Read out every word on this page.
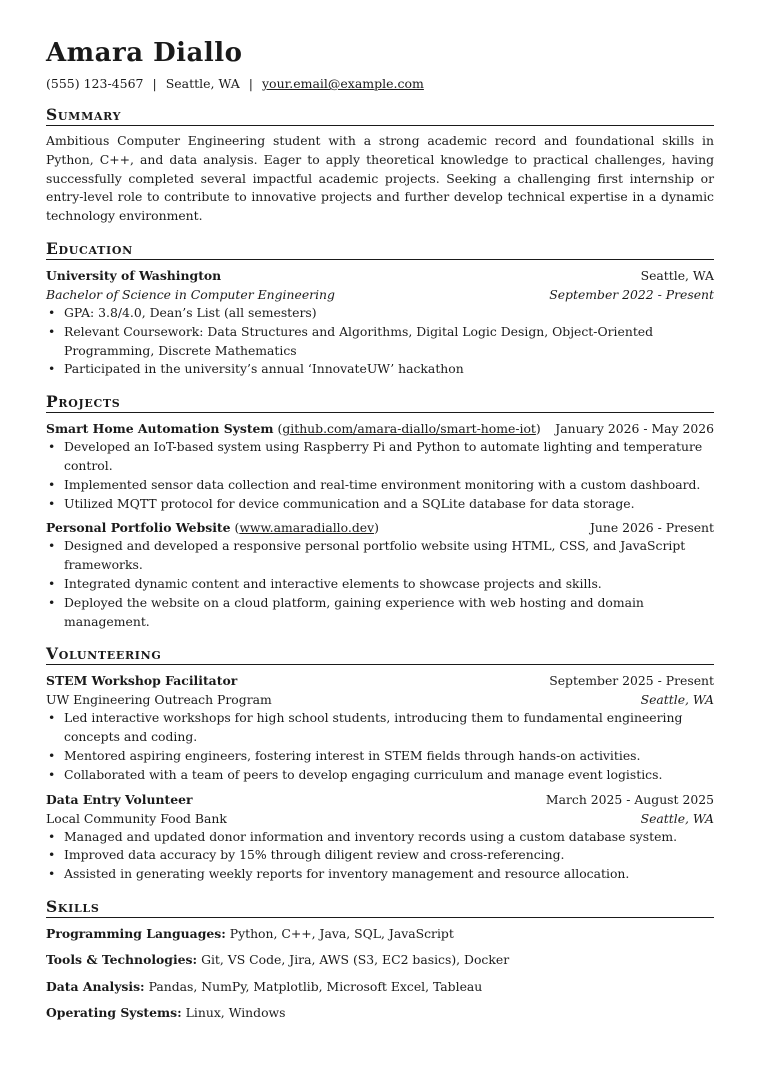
Amara Diallo
(555) 123-4567 | Seattle, WA | your.email@example.com
Summary

Ambitious Computer Engineering student with a strong academic record and foundational skills in Python, C++, and data analysis. Eager to apply theoretical knowledge to practical challenges, having successfully completed several impactful academic projects. Seeking a challenging first internship or entry-level role to contribute to innovative projects and further develop technical expertise in a dynamic technology environment.

Education
University of Washington	Seattle, WA
Bachelor of Science in Computer Engineering	September 2022 - Present
• GPA: 3.8/4.0, Dean’s List (all semesters)
• Relevant Coursework: Data Structures and Algorithms, Digital Logic Design, Object-Oriented Programming, Discrete Mathematics
• Participated in the university’s annual ‘InnovateUW’ hackathon
Projects
Smart Home Automation System (github.com/amara-diallo/smart-home-iot) January 2026 - May 2026
• Developed an IoT-based system using Raspberry Pi and Python to automate lighting and temperature control.
• Implemented sensor data collection and real-time environment monitoring with a custom dashboard.
• Utilized MQTT protocol for device communication and a SQLite database for data storage.
Personal Portfolio Website (www.amaradiallo.dev)	June 2026 - Present
• Designed and developed a responsive personal portfolio website using HTML, CSS, and JavaScript frameworks.
• Integrated dynamic content and interactive elements to showcase projects and skills.
• Deployed the website on a cloud platform, gaining experience with web hosting and domain management.
Volunteering
STEM Workshop Facilitator	September 2025 - Present
UW Engineering Outreach Program	Seattle, WA
• Led interactive workshops for high school students, introducing them to fundamental engineering concepts and coding.
• Mentored aspiring engineers, fostering interest in STEM fields through hands-on activities.
• Collaborated with a team of peers to develop engaging curriculum and manage event logistics.
Data Entry Volunteer	March 2025 - August 2025
Local Community Food Bank	Seattle, WA
• Managed and updated donor information and inventory records using a custom database system.
• Improved data accuracy by 15% through diligent review and cross-referencing.
• Assisted in generating weekly reports for inventory management and resource allocation.
Skills
Programming Languages: Python, C++, Java, SQL, JavaScript
Tools & Technologies: Git, VS Code, Jira, AWS (S3, EC2 basics), Docker
Data Analysis: Pandas, NumPy, Matplotlib, Microsoft Excel, Tableau
Operating Systems: Linux, Windows
